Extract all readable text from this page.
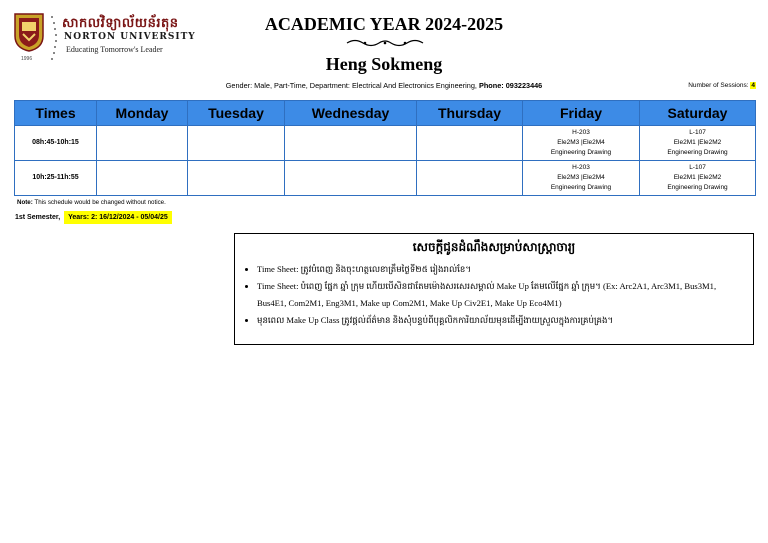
1996
សាកលវិទ្យាល័យន័រតុន
NORTON UNIVERSITY
Educating Tomorrow's Leader
ACADEMIC YEAR 2024-2025
Heng Sokmeng
Gender: Male, Part-Time, Department: Electrical And Electronics Engineering, Phone: 093223446	Number of Sessions: 4
Times	Monday	Tuesday	Wednesday	Thursday	Friday	Saturday
08h:45-10h:15					H-203
Ele2M3 |Ele2M4
Engineering Drawing	L-107
Ele2M1 |Ele2M2
Engineering Drawing

10h:25-11h:55					H-203
Ele2M3 |Ele2M4
Engineering Drawing	L-107
Ele2M1 |Ele2M2
Engineering Drawing
Note: This schedule would be changed without notice.
1st Semester, Years: 2: 16/12/2024 - 05/04/25
សេចក្តីជូនដំណឹងសម្រាប់សាស្ត្រាចារ្យ
• Time Sheet: ត្រូវបំពេញ និងចុះហត្ថលេខាត្រឹមថ្ងៃទី២៥ រៀងរាល់ខែ។
• Time Sheet: បំពេញ ផ្នែក ឆ្នាំ ក្រុម ហើយបើសិនជាតែមម៉ោងសរសេរសម្គាល់ Make Up តែមលើផ្នែក ឆ្នាំ ក្រុម។ (Ex: Arc2A1, Arc3M1, Bus3M1, Bus4E1, Com2M1, Eng3M1, Make up Com2M1, Make Up Civ2E1, Make Up Eco4M1)
• មុនពេល Make Up Class ត្រូវផ្តល់ព័ត៌មាន និងសុំបន្ទប់ពីបុគ្គលិកការិយាល័យមុនដើម្បីងាយស្រួលក្នុងការគ្រប់គ្រង។
